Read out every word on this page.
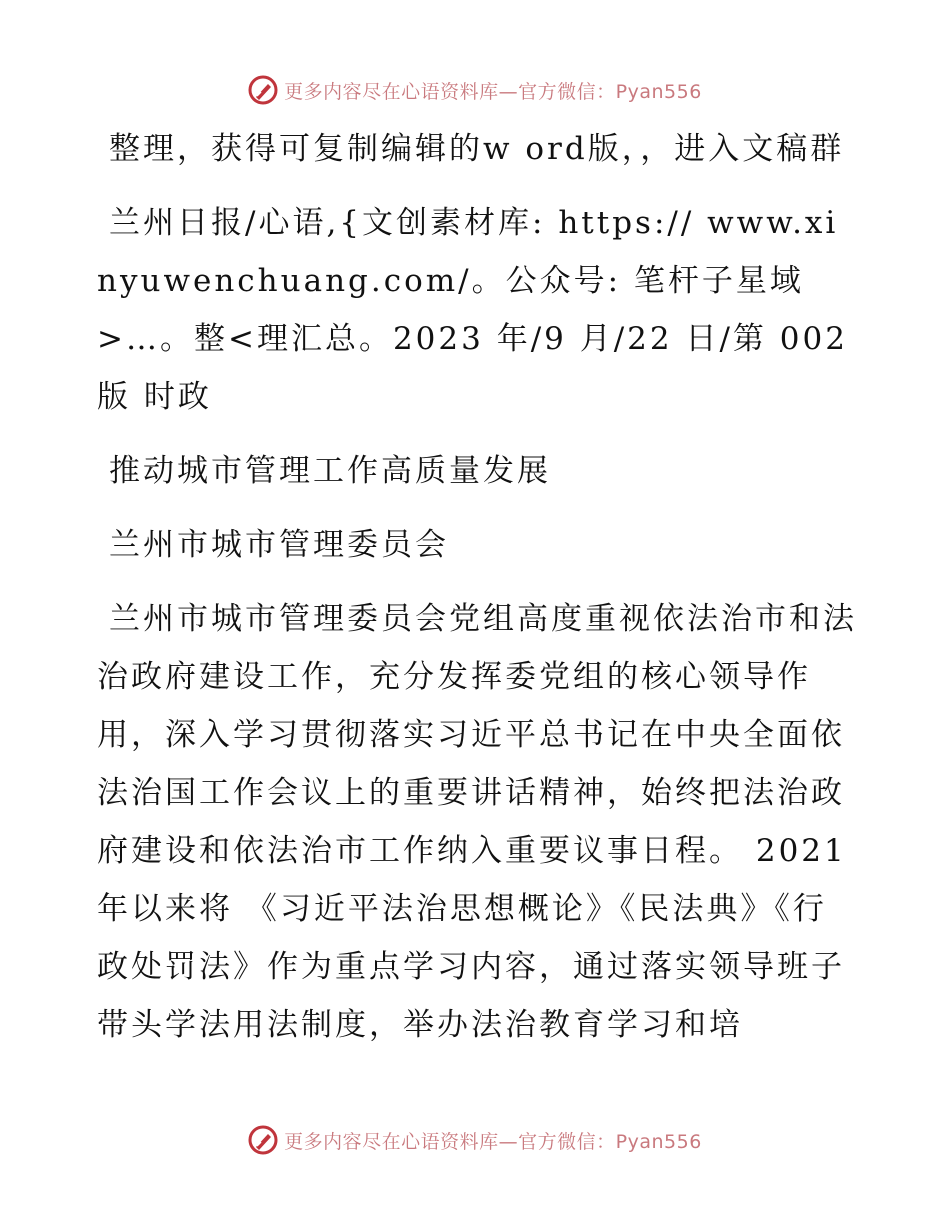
更多内容尽在心语资料库—官方微信：Pyan556

整理，获得可复制编辑的w ord版，，进入文稿群

兰州日报/心语,{文创素材库: https:// www.xinyuwenchuang.com/。公众号: 笔杆子星域>…。整<理汇总。2023 年/9 月/22 日/第 002 版 时政

推动城市管理工作高质量发展

兰州市城市管理委员会

兰州市城市管理委员会党组高度重视依法治市和法治政府建设工作，充分发挥委党组的核心领导作用，深入学习贯彻落实习近平总书记在中央全面依法治国工作会议上的重要讲话精神，始终把法治政府建设和依法治市工作纳入重要议事日程。 2021 年以来将 《习近平法治思想概论》《民法典》《行政处罚法》作为重点学习内容，通过落实领导班子带头学法用法制度，举办法治教育学习和培

更多内容尽在心语资料库—官方微信：Pyan556
